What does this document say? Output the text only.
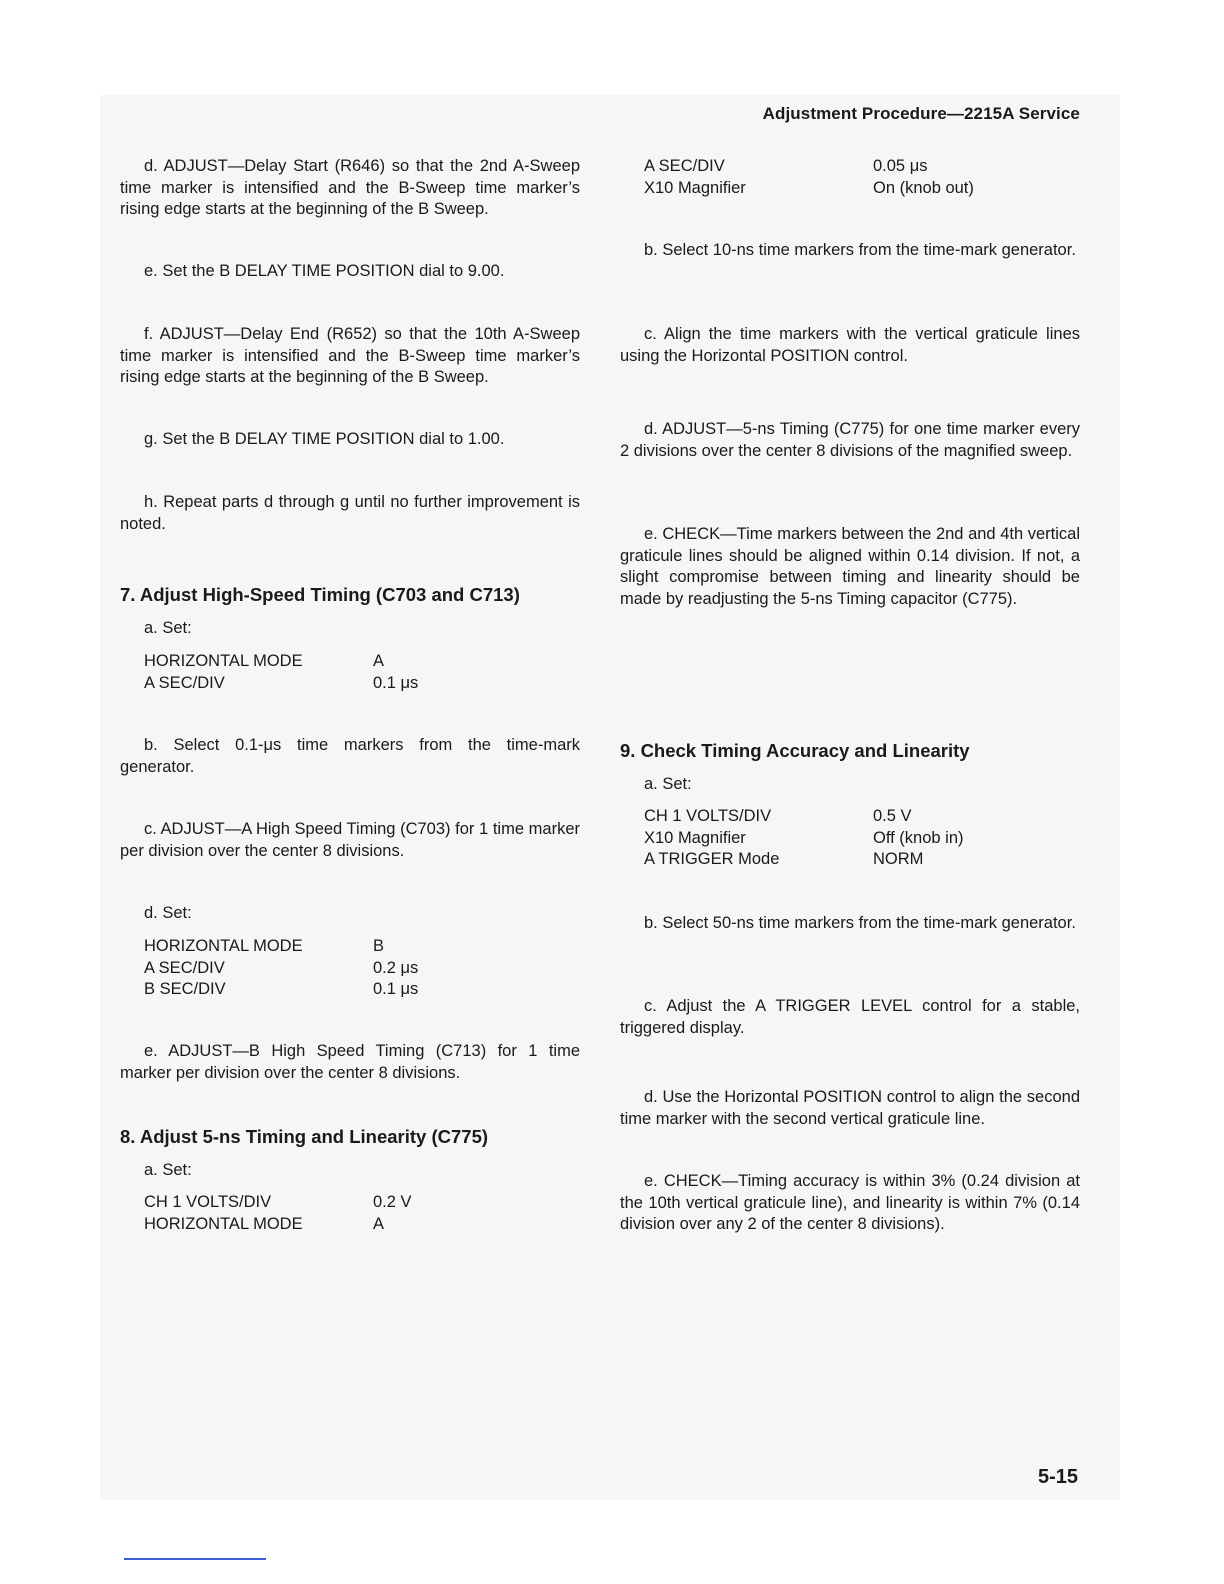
Adjustment Procedure—2215A Service

d. ADJUST—Delay Start (R646) so that the 2nd A-Sweep time marker is intensified and the B-Sweep time marker’s rising edge starts at the beginning of the B Sweep.

e. Set the B DELAY TIME POSITION dial to 9.00.

f. ADJUST—Delay End (R652) so that the 10th A-Sweep time marker is intensified and the B-Sweep time marker’s rising edge starts at the beginning of the B Sweep.

g. Set the B DELAY TIME POSITION dial to 1.00.

h. Repeat parts d through g until no further improvement is noted.

7. Adjust High-Speed Timing (C703 and C713)

a. Set:

HORIZONTAL MODE	A
A SEC/DIV	0.1 μs

b. Select 0.1-μs time markers from the time-mark generator.

c. ADJUST—A High Speed Timing (C703) for 1 time marker per division over the center 8 divisions.

d. Set:

HORIZONTAL MODE	B
A SEC/DIV	0.2 μs
B SEC/DIV	0.1 μs

e. ADJUST—B High Speed Timing (C713) for 1 time marker per division over the center 8 divisions.

8. Adjust 5-ns Timing and Linearity (C775)

a. Set:

CH 1 VOLTS/DIV	0.2 V
HORIZONTAL MODE	A
A SEC/DIV	0.05 μs
X10 Magnifier	On (knob out)

b. Select 10-ns time markers from the time-mark generator.

c. Align the time markers with the vertical graticule lines using the Horizontal POSITION control.

d. ADJUST—5-ns Timing (C775) for one time marker every 2 divisions over the center 8 divisions of the magnified sweep.

e. CHECK—Time markers between the 2nd and 4th vertical graticule lines should be aligned within 0.14 division. If not, a slight compromise between timing and linearity should be made by readjusting the 5-ns Timing capacitor (C775).

9. Check Timing Accuracy and Linearity

a. Set:

CH 1 VOLTS/DIV	0.5 V
X10 Magnifier	Off (knob in)
A TRIGGER Mode	NORM

b. Select 50-ns time markers from the time-mark generator.

c. Adjust the A TRIGGER LEVEL control for a stable, triggered display.

d. Use the Horizontal POSITION control to align the second time marker with the second vertical graticule line.

e. CHECK—Timing accuracy is within 3% (0.24 division at the 10th vertical graticule line), and linearity is within 7% (0.14 division over any 2 of the center 8 divisions).

5-15
